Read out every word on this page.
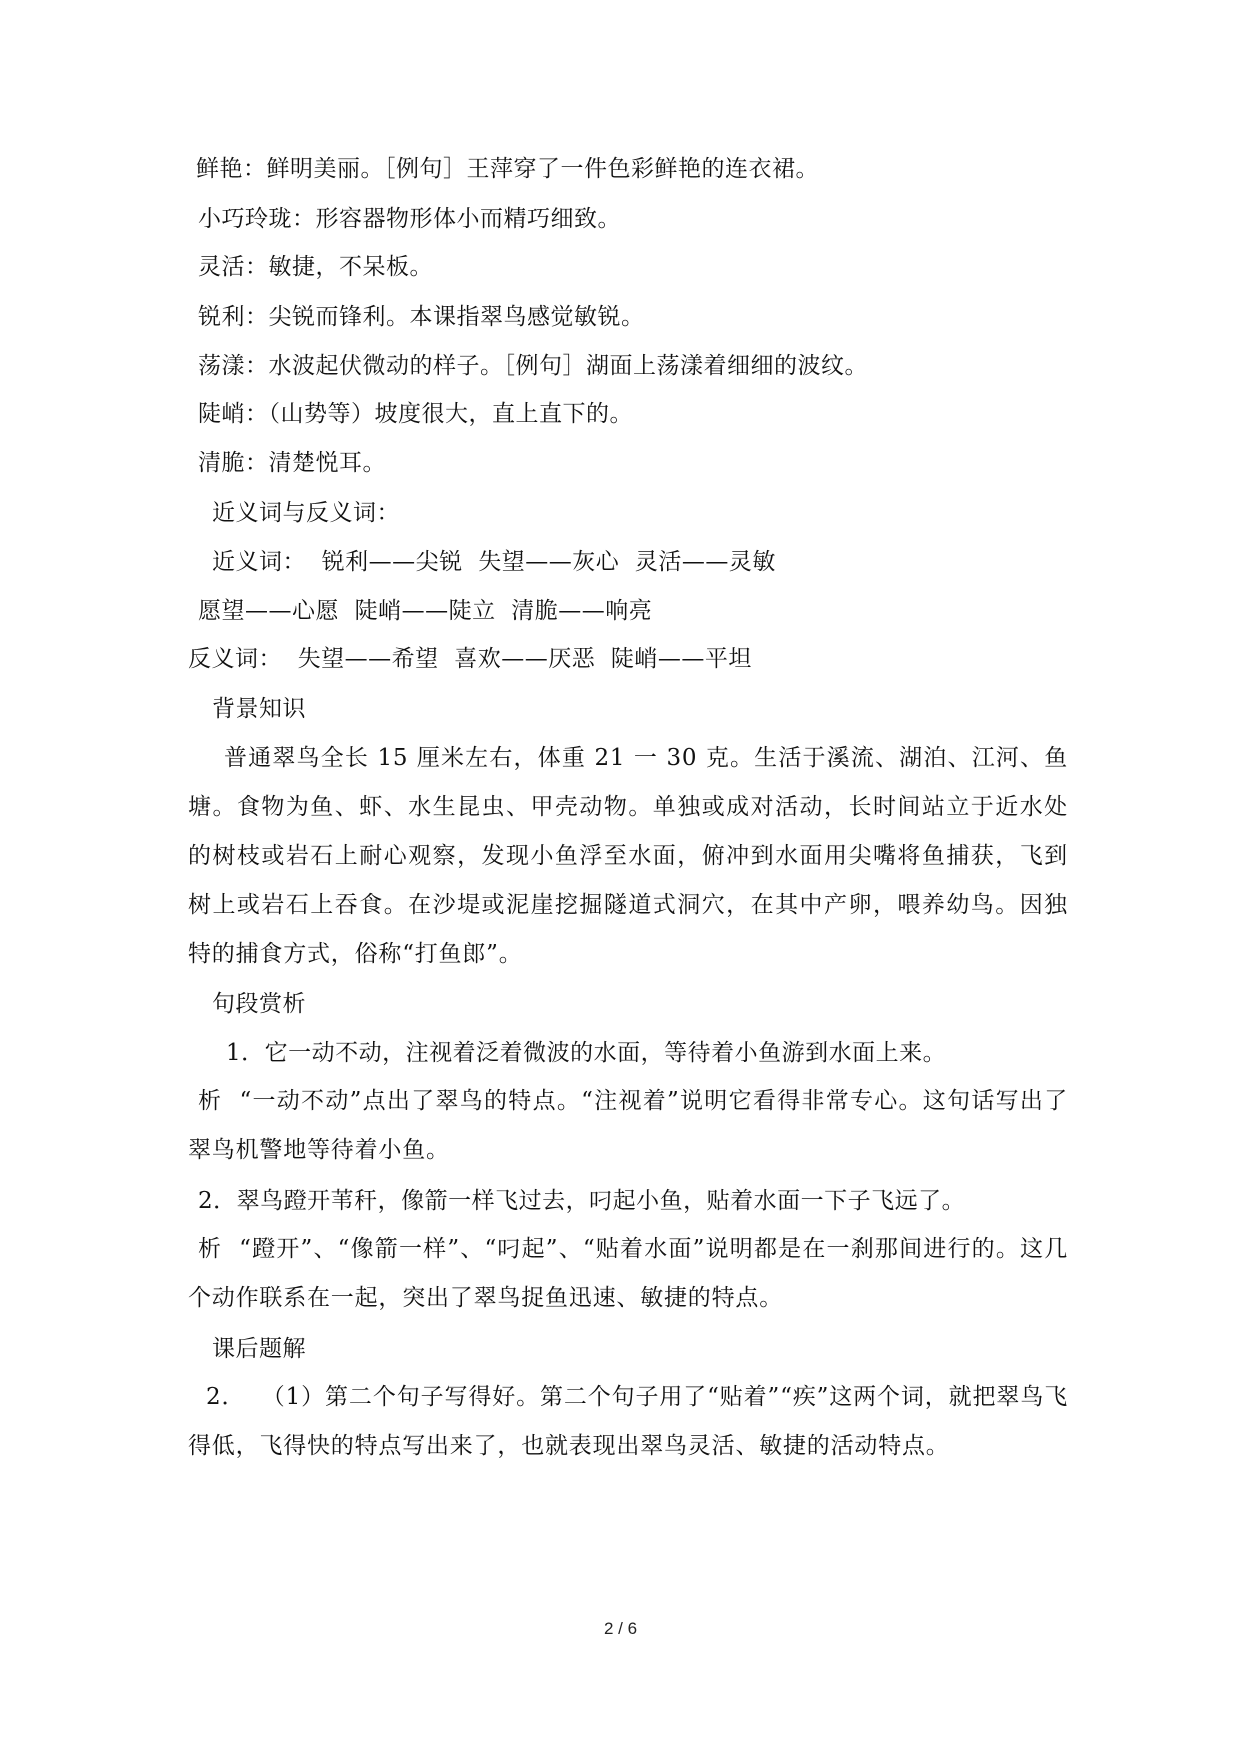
鲜艳：鲜明美丽。［例句］王萍穿了一件色彩鲜艳的连衣裙。
小巧玲珑：形容器物形体小而精巧细致。
灵活：敏捷，不呆板。
锐利：尖锐而锋利。本课指翠鸟感觉敏锐。
荡漾：水波起伏微动的样子。［例句］湖面上荡漾着细细的波纹。
陡峭：（山势等）坡度很大，直上直下的。
清脆：清楚悦耳。
近义词与反义词：
近义词：  锐利——尖锐  失望——灰心  灵活——灵敏
愿望——心愿  陡峭——陡立  清脆——响亮
反义词：  失望——希望  喜欢——厌恶  陡峭——平坦
背景知识
普通翠鸟全长 15 厘米左右，体重 21 一 30 克。生活于溪流、湖泊、江河、鱼塘。食物为鱼、虾、水生昆虫、甲壳动物。单独或成对活动，长时间站立于近水处的树枝或岩石上耐心观察，发现小鱼浮至水面，俯冲到水面用尖嘴将鱼捕获，飞到树上或岩石上吞食。在沙堤或泥崖挖掘隧道式洞穴，在其中产卵，喂养幼鸟。因独特的捕食方式，俗称“打鱼郎”。
句段赏析
1．它一动不动，注视着泛着微波的水面，等待着小鱼游到水面上来。
析  “一动不动”点出了翠鸟的特点。“注视着”说明它看得非常专心。这句话写出了翠鸟机警地等待着小鱼。
2．翠鸟蹬开苇秆，像箭一样飞过去，叼起小鱼，贴着水面一下子飞远了。
析  “蹬开”、“像箭一样”、“叼起”、“贴着水面”说明都是在一刹那间进行的。这几个动作联系在一起，突出了翠鸟捉鱼迅速、敏捷的特点。
课后题解
2．  （1）第二个句子写得好。第二个句子用了“贴着”“疾”这两个词，就把翠鸟飞得低，飞得快的特点写出来了，也就表现出翠鸟灵活、敏捷的活动特点。
2 / 6
